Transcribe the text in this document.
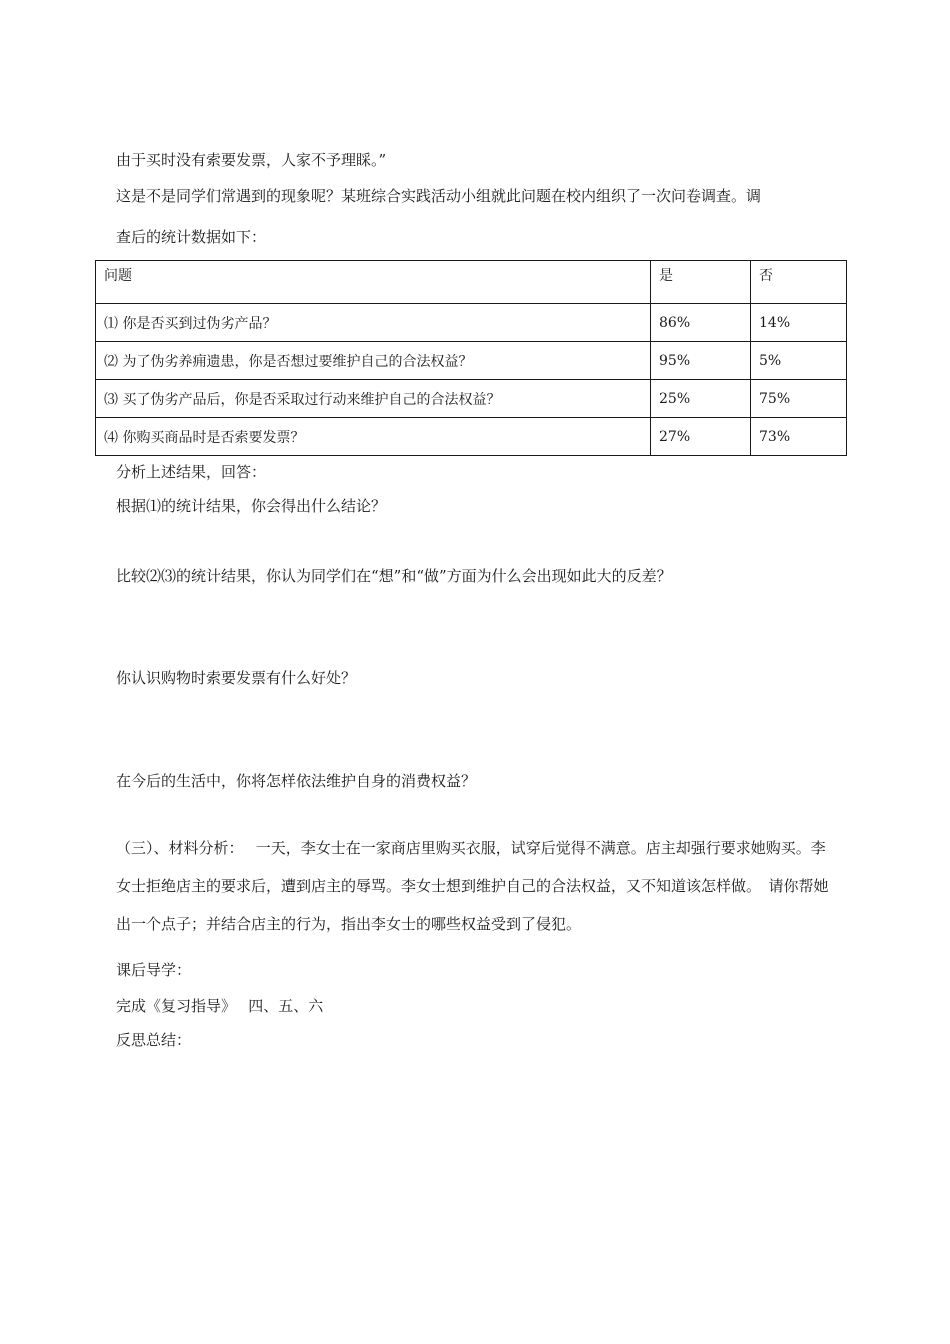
由于买时没有索要发票，人家不予理睬。”
这是不是同学们常遇到的现象呢？某班综合实践活动小组就此问题在校内组织了一次问卷调查。调
查后的统计数据如下：
问题	是	否
⑴ 你是否买到过伪劣产品？	86%	14%
⑵ 为了伪劣养痈遗患，你是否想过要维护自己的合法权益？	95%	5%
⑶ 买了伪劣产品后，你是否采取过行动来维护自己的合法权益？	25%	75%
⑷ 你购买商品时是否索要发票？	27%	73%
分析上述结果，回答：
根据⑴的统计结果，你会得出什么结论？
比较⑵⑶的统计结果，你认为同学们在“想”和“做”方面为什么会出现如此大的反差？
你认识购物时索要发票有什么好处？
在今后的生活中，你将怎样依法维护自身的消费权益？
（三）、材料分析：　 一天，李女士在一家商店里购买衣服，试穿后觉得不满意。店主却强行要求她购买。李女士拒绝店主的要求后，遭到店主的辱骂。李女士想到维护自己的合法权益，又不知道该怎样做。　请你帮她出一个点子；并结合店主的行为，指出李女士的哪些权益受到了侵犯。
课后导学：
完成《复习指导》　 四、五、六
反思总结：
